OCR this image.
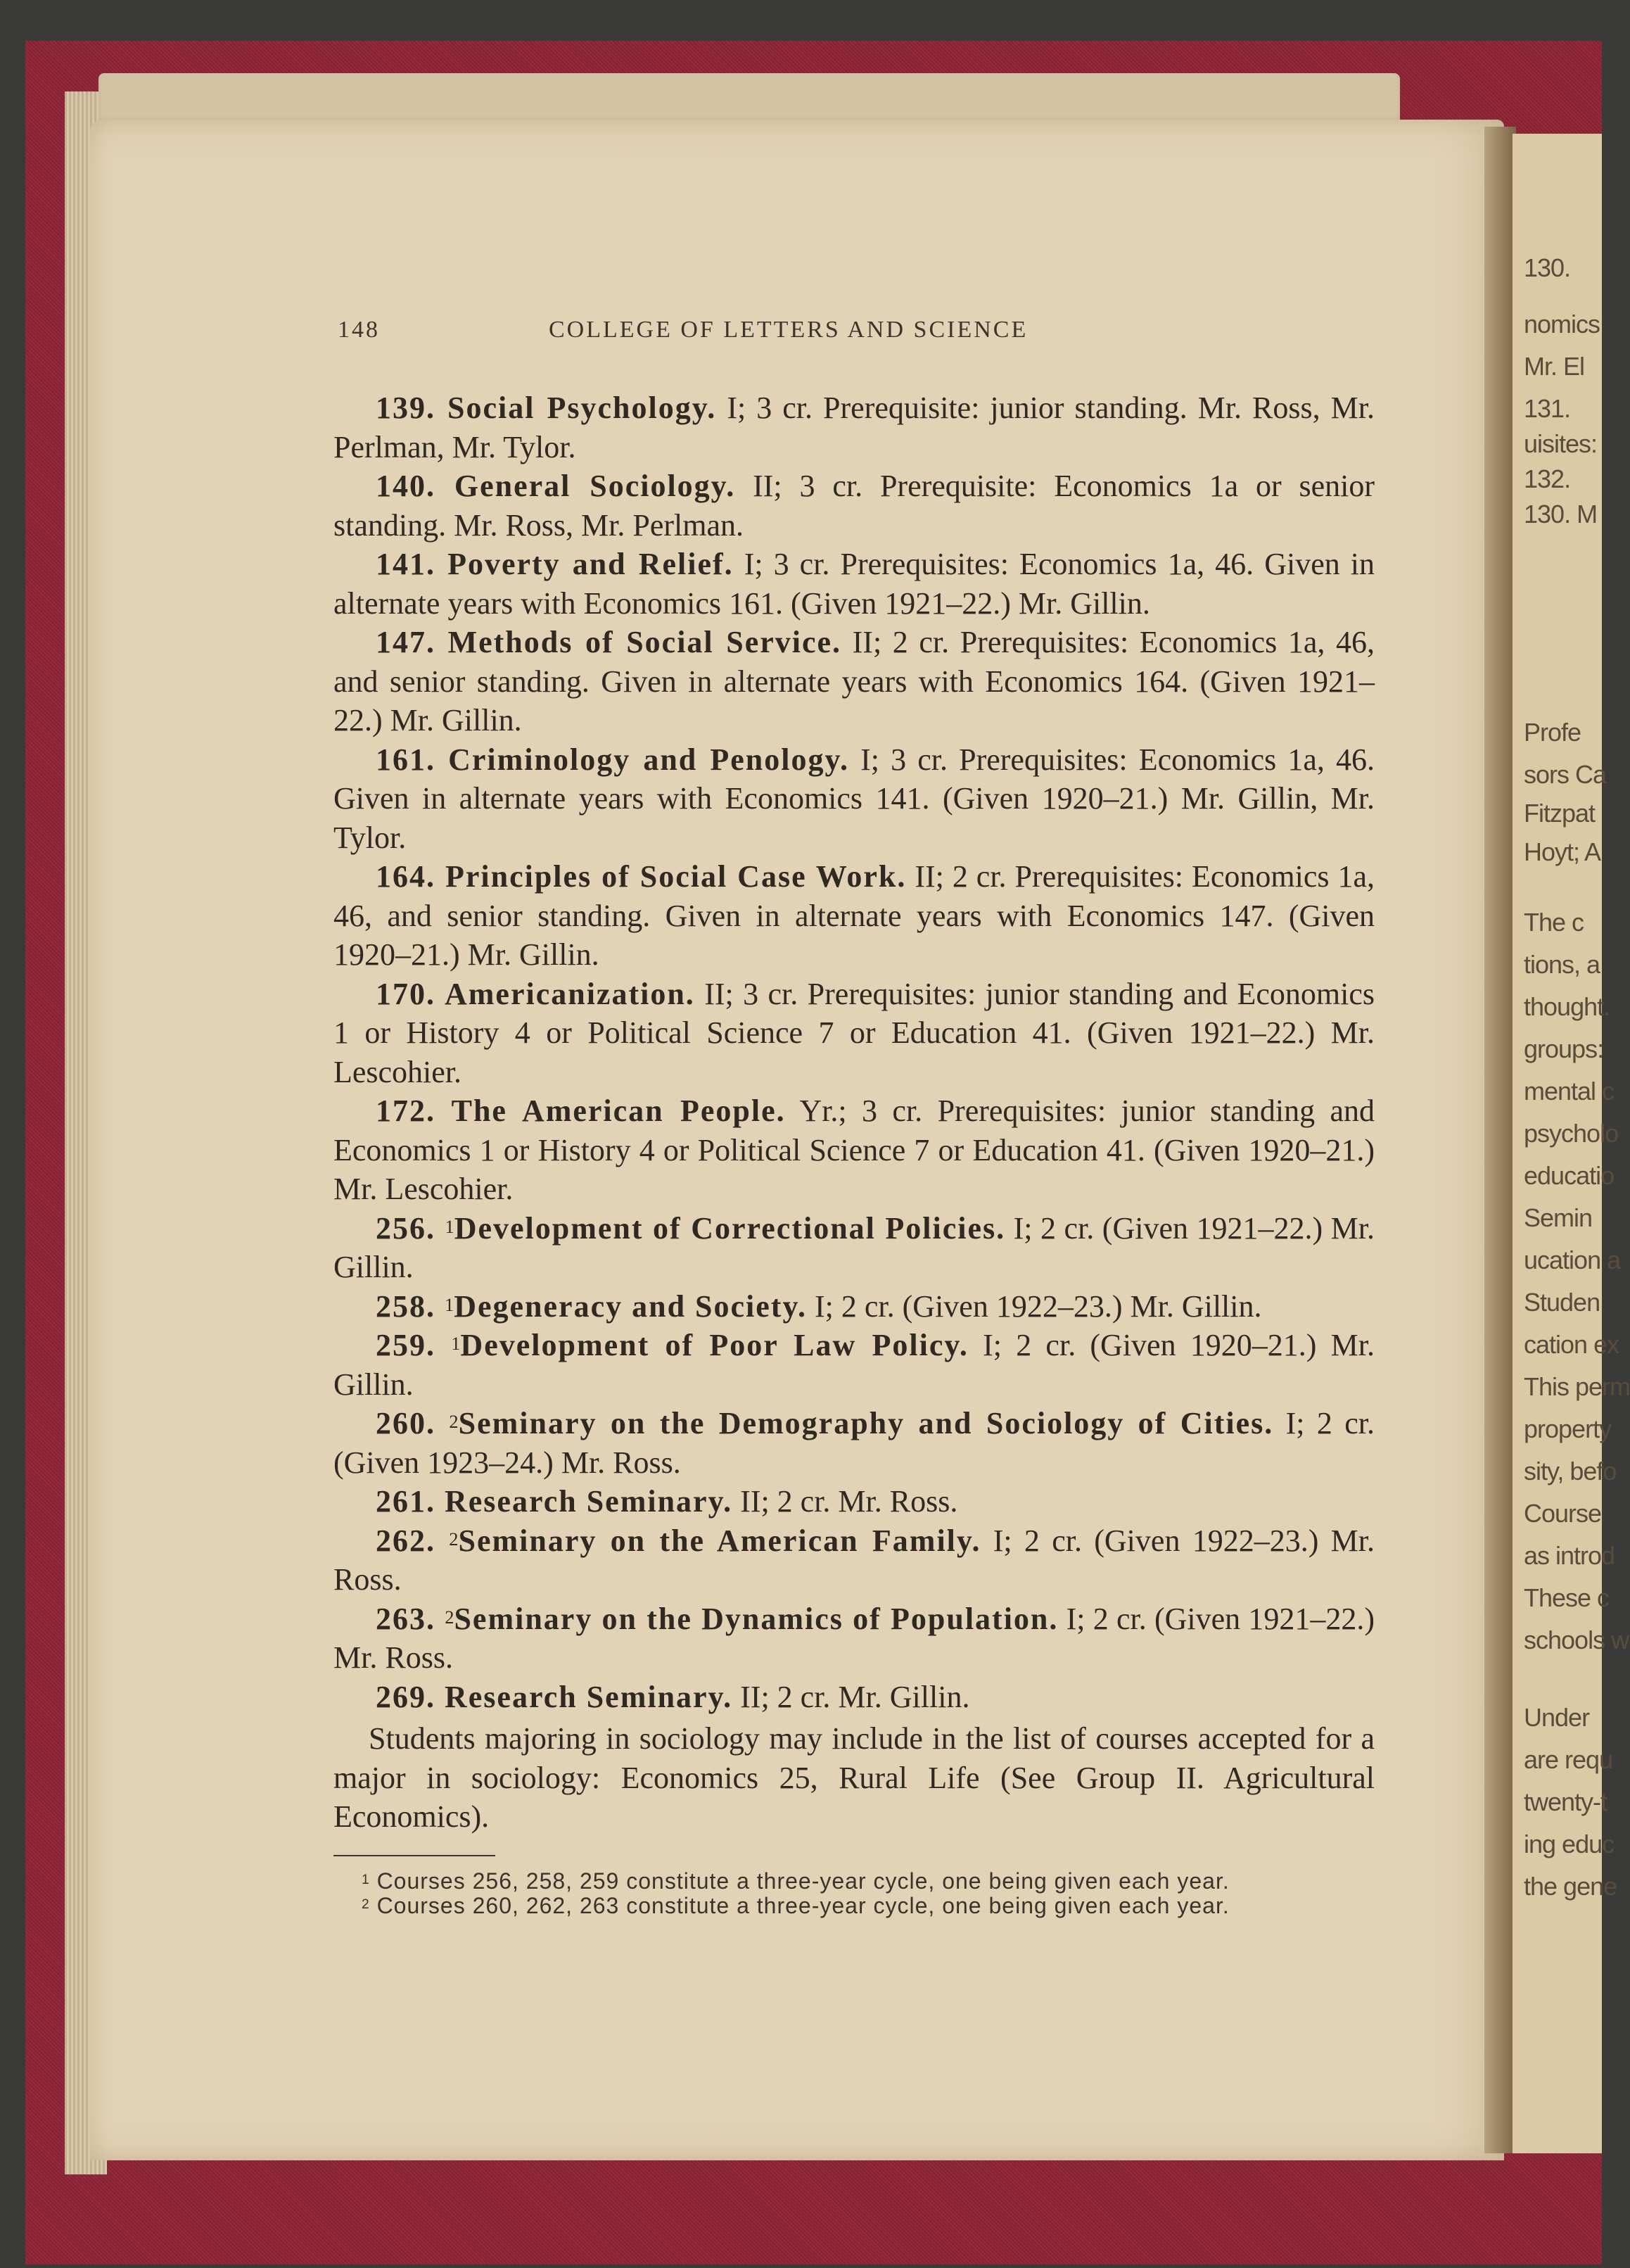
130.
nomics
Mr. El
131.
uisites:
132.
130. M
Profe
sors Ca
Fitzpat
Hoyt; A
The c
tions, a
thought.
groups:
mental c
psycholo
educatio
Semin
ucation a
Studen
cation ex
This perm
property
sity, befo
Course
as introd
These c
schools w
Under
are requ
twenty-t
ing educ
the gene
148	COLLEGE OF LETTERS AND SCIENCE
139. Social Psychology. I; 3 cr. Prerequisite: junior standing. Mr. Ross, Mr. Perlman, Mr. Tylor.
140. General Sociology. II; 3 cr. Prerequisite: Economics 1a or senior standing. Mr. Ross, Mr. Perlman.
141. Poverty and Relief. I; 3 cr. Prerequisites: Economics 1a, 46. Given in alternate years with Economics 161. (Given 1921–22.) Mr. Gillin.
147. Methods of Social Service. II; 2 cr. Prerequisites: Economics 1a, 46, and senior standing. Given in alternate years with Economics 164. (Given 1921–22.) Mr. Gillin.
161. Criminology and Penology. I; 3 cr. Prerequisites: Economics 1a, 46. Given in alternate years with Economics 141. (Given 1920–21.) Mr. Gillin, Mr. Tylor.
164. Principles of Social Case Work. II; 2 cr. Prerequisites: Economics 1a, 46, and senior standing. Given in alternate years with Economics 147. (Given 1920–21.) Mr. Gillin.
170. Americanization. II; 3 cr. Prerequisites: junior standing and Economics 1 or History 4 or Political Science 7 or Education 41. (Given 1921–22.) Mr. Lescohier.
172. The American People. Yr.; 3 cr. Prerequisites: junior standing and Economics 1 or History 4 or Political Science 7 or Education 41. (Given 1920–21.) Mr. Lescohier.
256. $^1$Development of Correctional Policies. I; 2 cr. (Given 1921–22.) Mr. Gillin.
258. $^1$Degeneracy and Society. I; 2 cr. (Given 1922–23.) Mr. Gillin.
259. $^1$Development of Poor Law Policy. I; 2 cr. (Given 1920–21.) Mr. Gillin.
260. $^2$Seminary on the Demography and Sociology of Cities. I; 2 cr. (Given 1923–24.) Mr. Ross.
261. Research Seminary. II; 2 cr. Mr. Ross.
262. $^2$Seminary on the American Family. I; 2 cr. (Given 1922–23.) Mr. Ross.
263. $^2$Seminary on the Dynamics of Population. I; 2 cr. (Given 1921–22.) Mr. Ross.
269. Research Seminary. II; 2 cr. Mr. Gillin.
Students majoring in sociology may include in the list of courses accepted for a major in sociology: Economics 25, Rural Life (See Group II. Agricultural Economics).
$^1$ Courses 256, 258, 259 constitute a three-year cycle, one being given each year.
$^2$ Courses 260, 262, 263 constitute a three-year cycle, one being given each year.
